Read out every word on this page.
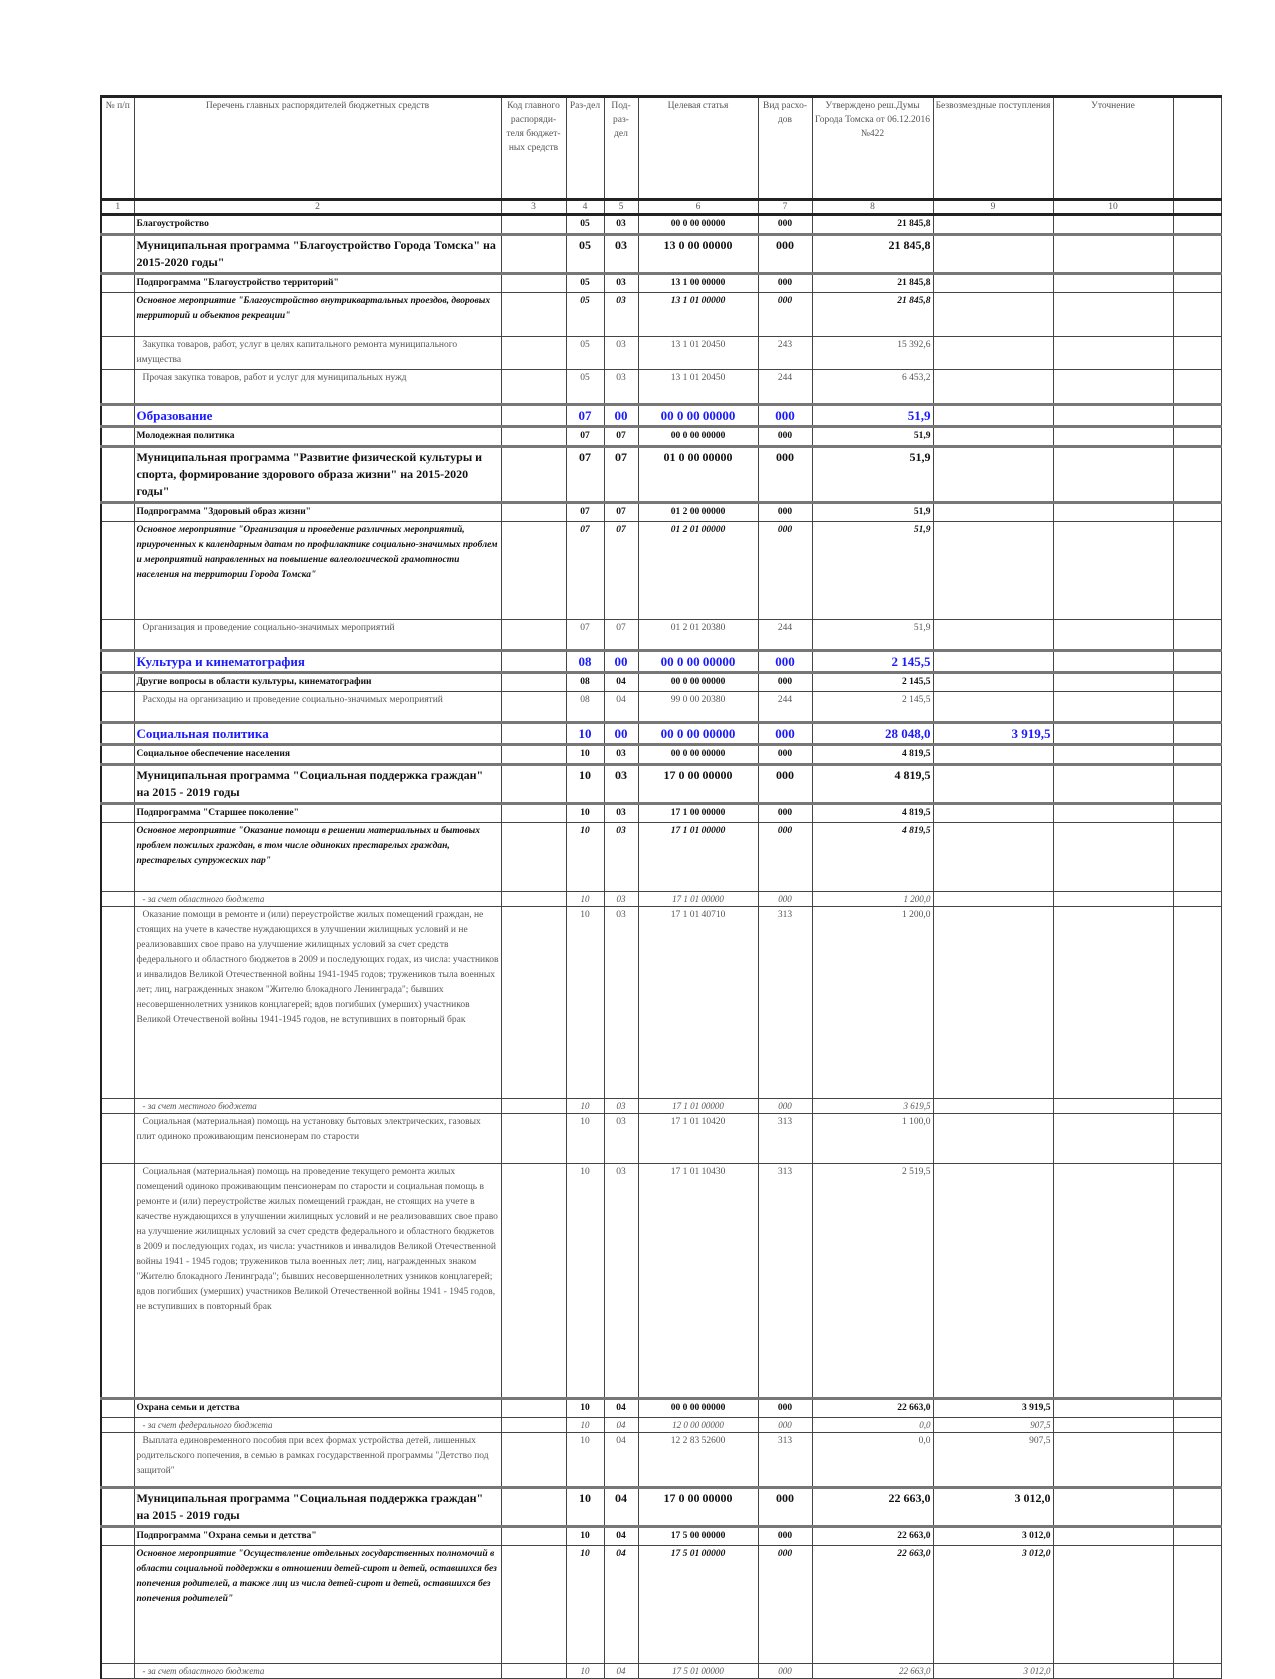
№ п/п	Перечень главных распорядителей бюджетных средств	Код главного распоряди-теля бюджет-ных средств	Раз-дел	Под-раз-дел	Целевая статья	Вид расхо-дов	Утверждено реш.Думы Города Томска от 06.12.2016 №422	Безвозмездные поступления	Уточнение	
1	2	3	4	5	6	7	8	9	10	
	Благоустройство		05	03	00 0 00 00000	000	21 845,8			
	Муниципальная программа "Благоустройство Города Томска" на 2015-2020 годы"		05	03	13 0 00 00000	000	21 845,8			
	Подпрограмма "Благоустройство территорий"		05	03	13 1 00 00000	000	21 845,8			
	Основное мероприятие "Благоустройство внутриквартальных проездов, дворовых территорий и объектов рекреации"		05	03	13 1 01 00000	000	21 845,8			
	Закупка товаров, работ, услуг в целях капитального ремонта муниципального имущества		05	03	13 1 01 20450	243	15 392,6			
	Прочая закупка товаров, работ и услуг для муниципальных нужд		05	03	13 1 01 20450	244	6 453,2			
	Образование		07	00	00 0 00 00000	000	51,9			
	Молодежная политика		07	07	00 0 00 00000	000	51,9			
	Муниципальная программа "Развитие физической культуры и спорта, формирование здорового образа жизни" на 2015-2020 годы"		07	07	01 0 00 00000	000	51,9			
	Подпрограмма "Здоровый образ жизни"		07	07	01 2 00 00000	000	51,9			
	Основное мероприятие "Организация и проведение различных мероприятий, приуроченных к календарным датам по профилактике социально-значимых проблем и мероприятий направленных на повышение валеологической грамотности населения на территории Города Томска"		07	07	01 2 01 00000	000	51,9			
	Организация и проведение социально-значимых мероприятий		07	07	01 2 01 20380	244	51,9			
	Культура и кинематография		08	00	00 0 00 00000	000	2 145,5			
	Другие вопросы в области культуры, кинематографии		08	04	00 0 00 00000	000	2 145,5			
	Расходы на организацию и проведение социально-значимых мероприятий		08	04	99 0 00 20380	244	2 145,5			
	Социальная политика		10	00	00 0 00 00000	000	28 048,0	3 919,5		
	Социальное обеспечение населения		10	03	00 0 00 00000	000	4 819,5			
	Муниципальная программа "Социальная поддержка граждан" на 2015 - 2019 годы		10	03	17 0 00 00000	000	4 819,5			
	Подпрограмма "Старшее поколение"		10	03	17 1 00 00000	000	4 819,5			
	Основное мероприятие "Оказание помощи в решении материальных и бытовых проблем пожилых граждан, в том числе одиноких престарелых граждан, престарелых супружеских пар"		10	03	17 1 01 00000	000	4 819,5			
	- за счет областного бюджета		10	03	17 1 01 00000	000	1 200,0			
	Оказание помощи в ремонте и (или) переустройстве жилых помещений граждан, не стоящих на учете в качестве нуждающихся в улучшении жилищных условий и не реализовавших свое право на улучшение жилищных условий за счет средств федерального и областного бюджетов в 2009 и последующих годах, из числа: участников и инвалидов Великой Отечественной войны 1941-1945 годов; тружеников тыла военных лет; лиц, награжденных знаком "Жителю блокадного Ленинграда"; бывших несовершеннолетних узников концлагерей; вдов погибших (умерших) участников Великой Отечественой войны 1941-1945 годов, не вступивших в повторный брак		10	03	17 1 01 40710	313	1 200,0			
	- за счет местного бюджета		10	03	17 1 01 00000	000	3 619,5			
	Социальная (материальная) помощь на установку бытовых электрических, газовых плит одиноко проживающим пенсионерам по старости		10	03	17 1 01 10420	313	1 100,0			
	Социальная (материальная) помощь на проведение текущего ремонта жилых помещений одиноко проживающим пенсионерам по старости и социальная помощь в ремонте и (или) переустройстве жилых помещений граждан, не стоящих на учете в качестве нуждающихся в улучшении жилищных условий и не реализовавших свое право на улучшение жилищных условий за счет средств федерального и областного бюджетов в 2009 и последующих годах, из числа: участников и инвалидов Великой Отечественной войны 1941 - 1945 годов; тружеников тыла военных лет; лиц, награжденных знаком "Жителю блокадного Ленинграда"; бывших несовершеннолетних узников концлагерей; вдов погибших (умерших) участников Великой Отечественной войны 1941 - 1945 годов, не вступивших в повторный брак		10	03	17 1 01 10430	313	2 519,5			
	Охрана семьи и детства		10	04	00 0 00 00000	000	22 663,0	3 919,5		
	- за счет федерального бюджета		10	04	12 0 00 00000	000	0,0	907,5		
	Выплата единовременного пособия при всех формах устройства детей, лишенных родительского попечения, в семью в рамках государственной программы "Детство под защитой"		10	04	12 2 83 52600	313	0,0	907,5		
	Муниципальная программа "Социальная поддержка граждан" на 2015 - 2019 годы		10	04	17 0 00 00000	000	22 663,0	3 012,0		
	Подпрограмма "Охрана семьи и детства"		10	04	17 5 00 00000	000	22 663,0	3 012,0		
	Основное мероприятие "Осуществление отдельных государственных полномочий в области социальной поддержки в отношении детей-сирот и детей, оставшихся без попечения родителей, а также лиц из числа детей-сирот и детей, оставшихся без попечения родителей"		10	04	17 5 01 00000	000	22 663,0	3 012,0		
	- за счет областного бюджета		10	04	17 5 01 00000	000	22 663,0	3 012,0		
